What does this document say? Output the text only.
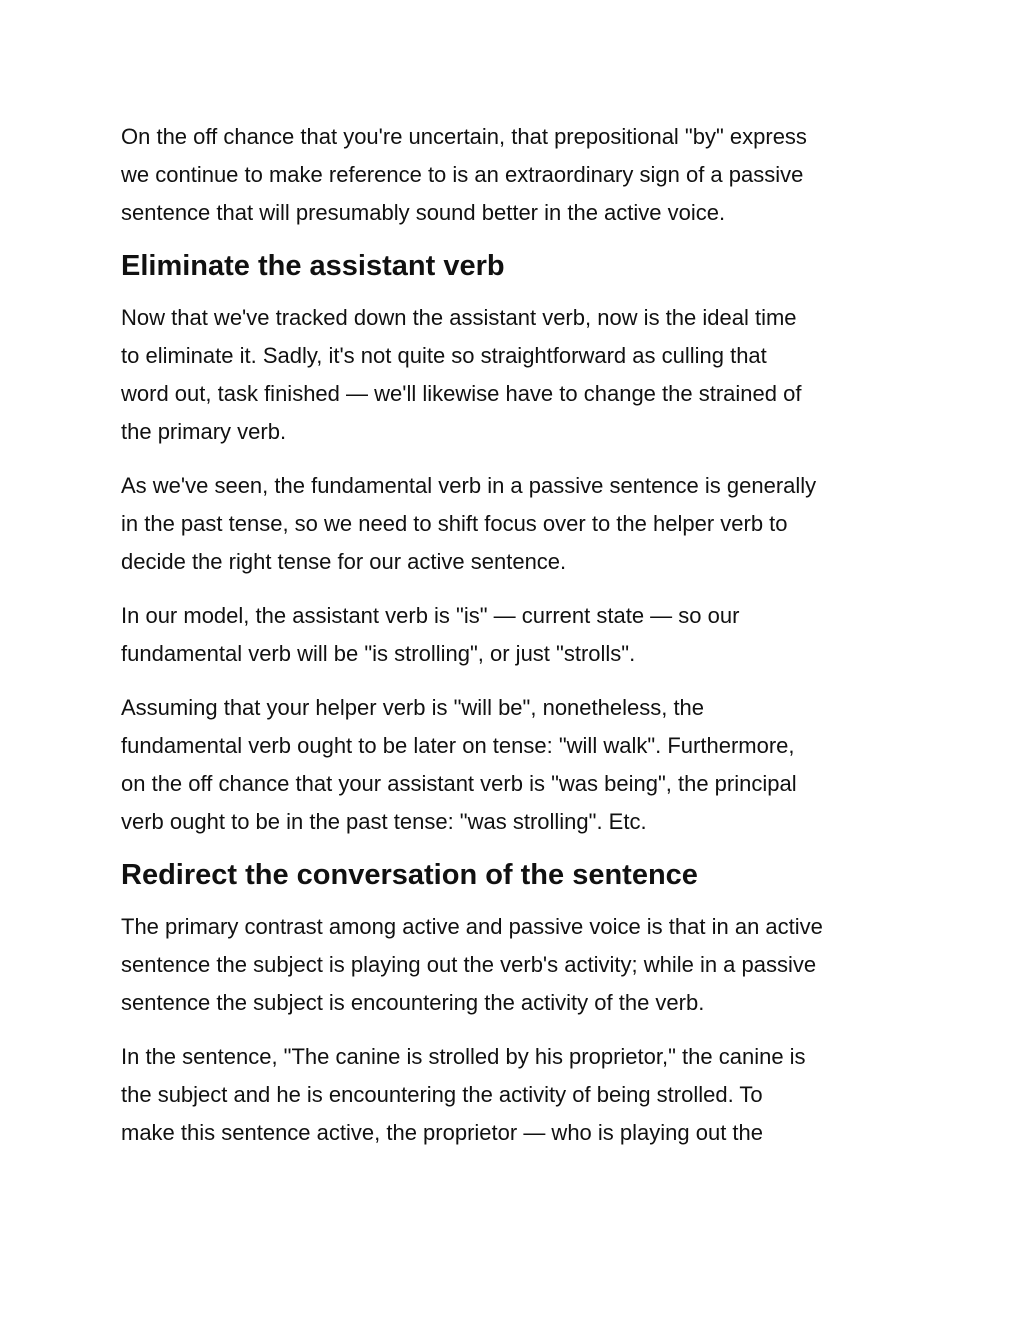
On the off chance that you're uncertain, that prepositional "by" express
we continue to make reference to is an extraordinary sign of a passive
sentence that will presumably sound better in the active voice.

Eliminate the assistant verb

Now that we've tracked down the assistant verb, now is the ideal time
to eliminate it. Sadly, it's not quite so straightforward as culling that
word out, task finished — we'll likewise have to change the strained of
the primary verb.

As we've seen, the fundamental verb in a passive sentence is generally
in the past tense, so we need to shift focus over to the helper verb to
decide the right tense for our active sentence.

In our model, the assistant verb is "is" — current state — so our
fundamental verb will be "is strolling", or just "strolls".

Assuming that your helper verb is "will be", nonetheless, the
fundamental verb ought to be later on tense: "will walk". Furthermore,
on the off chance that your assistant verb is "was being", the principal
verb ought to be in the past tense: "was strolling". Etc.

Redirect the conversation of the sentence

The primary contrast among active and passive voice is that in an active
sentence the subject is playing out the verb's activity; while in a passive
sentence the subject is encountering the activity of the verb.

In the sentence, "The canine is strolled by his proprietor," the canine is
the subject and he is encountering the activity of being strolled. To
make this sentence active, the proprietor — who is playing out the
